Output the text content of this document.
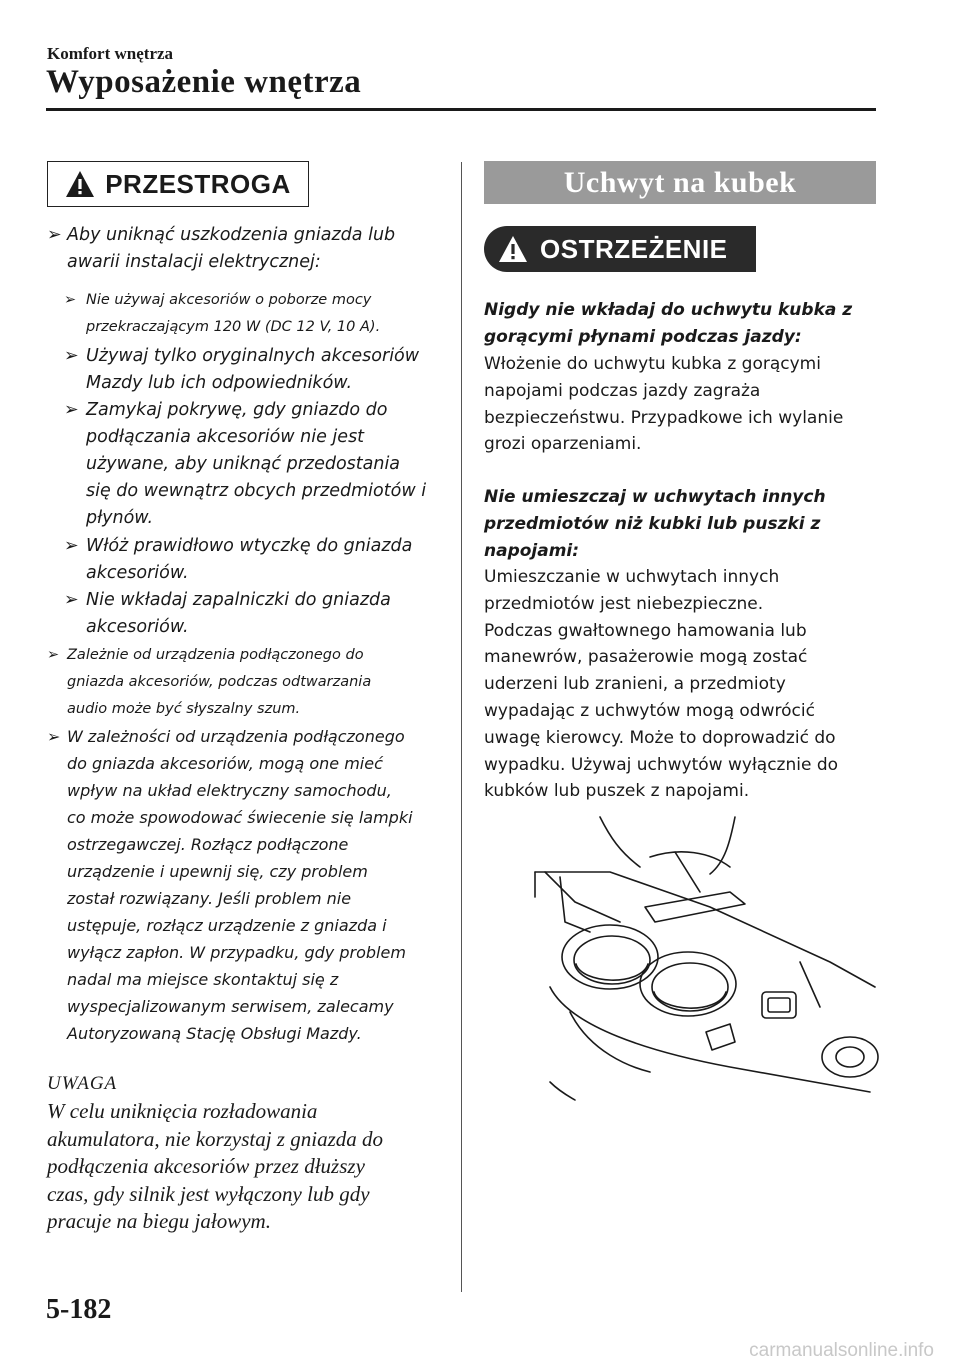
Komfort wnętrza
Wyposażenie wnętrza
PRZESTROGA
➢ Aby uniknąć uszkodzenia gniazda lub
awarii instalacji elektrycznej:
➢ Nie używaj akcesoriów o poborze mocy
przekraczającym 120 W (DC 12 V, 10 A).
➢ Używaj tylko oryginalnych akcesoriów
Mazdy lub ich odpowiedników.
➢ Zamykaj pokrywę, gdy gniazdo do
podłączania akcesoriów nie jest
używane, aby uniknąć przedostania
się do wewnątrz obcych przedmiotów i
płynów.
➢ Włóż prawidłowo wtyczkę do gniazda
akcesoriów.
➢ Nie wkładaj zapalniczki do gniazda
akcesoriów.
➢ Zależnie od urządzenia podłączonego do
gniazda akcesoriów, podczas odtwarzania
audio może być słyszalny szum.
➢ W zależności od urządzenia podłączonego
do gniazda akcesoriów, mogą one mieć
wpływ na układ elektryczny samochodu,
co może spowodować świecenie się lampki
ostrzegawczej. Rozłącz podłączone
urządzenie i upewnij się, czy problem
został rozwiązany. Jeśli problem nie
ustępuje, rozłącz urządzenie z gniazda i
wyłącz zapłon. W przypadku, gdy problem
nadal ma miejsce skontaktuj się z
wyspecjalizowanym serwisem, zalecamy
Autoryzowaną Stację Obsługi Mazdy.
UWAGA
W celu uniknięcia rozładowania
akumulatora, nie korzystaj z gniazda do
podłączenia akcesoriów przez dłuższy
czas, gdy silnik jest wyłączony lub gdy
pracuje na biegu jałowym.
Uchwyt na kubek
OSTRZEŻENIE
Nigdy nie wkładaj do uchwytu kubka z
gorącymi płynami podczas jazdy:
Włożenie do uchwytu kubka z gorącymi
napojami podczas jazdy zagraża
bezpieczeństwu. Przypadkowe ich wylanie
grozi oparzeniami.
Nie umieszczaj w uchwytach innych
przedmiotów niż kubki lub puszki z
napojami:
Umieszczanie w uchwytach innych
przedmiotów jest niebezpieczne.
Podczas gwałtownego hamowania lub
manewrów, pasażerowie mogą zostać
uderzeni lub zranieni, a przedmioty
wypadając z uchwytów mogą odwrócić
uwagę kierowcy. Może to doprowadzić do
wypadku. Używaj uchwytów wyłącznie do
kubków lub puszek z napojami.
5-182
carmanualsonline.info
